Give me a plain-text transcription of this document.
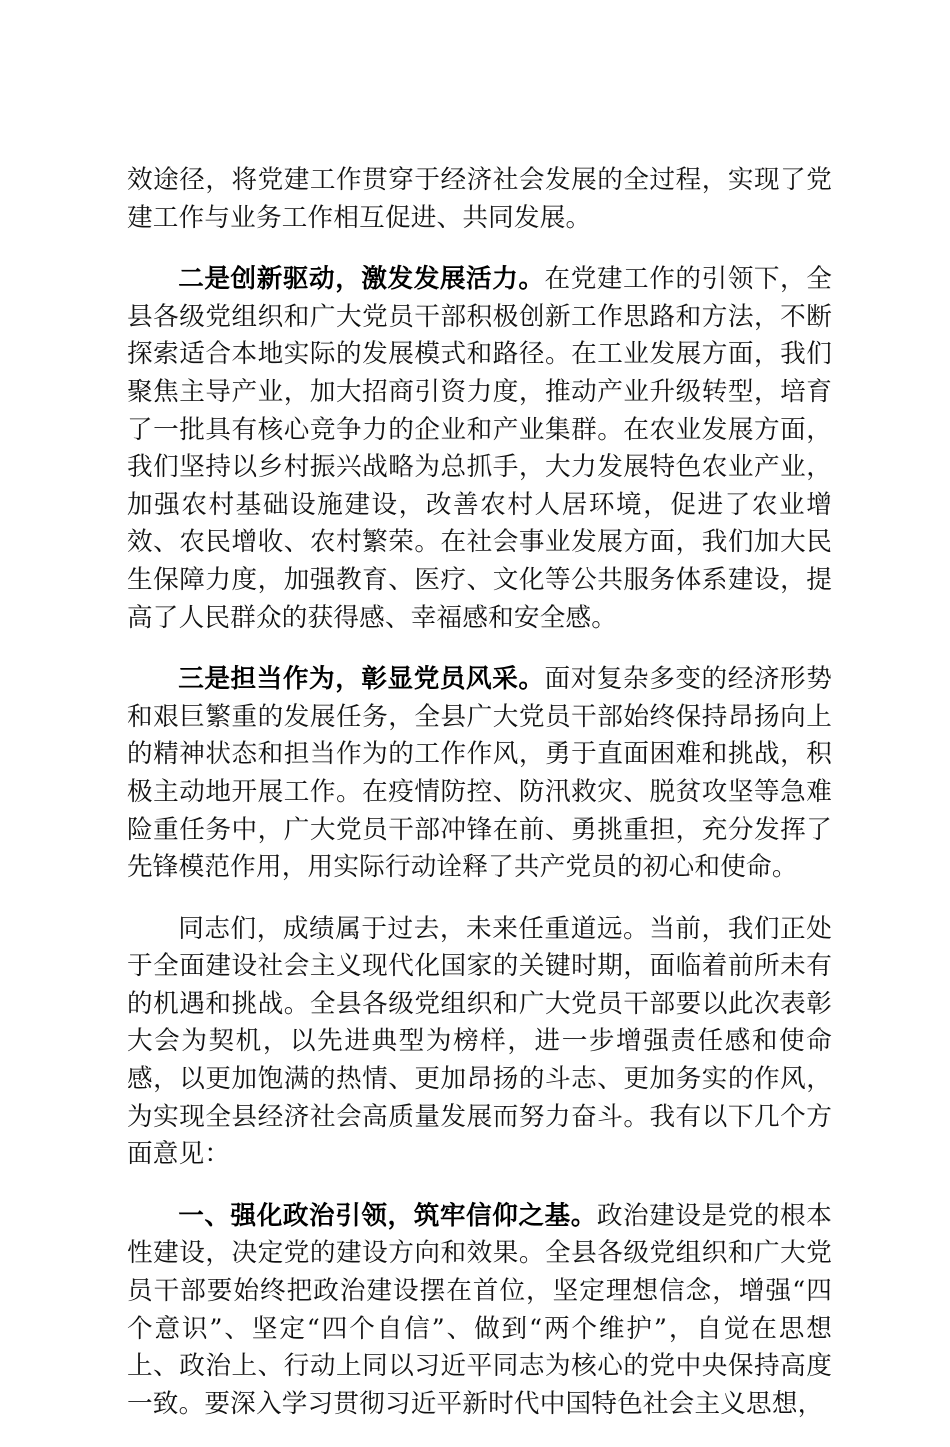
效途径，将党建工作贯穿于经济社会发展的全过程，实现了党建工作与业务工作相互促进、共同发展。

二是创新驱动，激发发展活力。在党建工作的引领下，全县各级党组织和广大党员干部积极创新工作思路和方法，不断探索适合本地实际的发展模式和路径。在工业发展方面，我们聚焦主导产业，加大招商引资力度，推动产业升级转型，培育了一批具有核心竞争力的企业和产业集群。在农业发展方面，我们坚持以乡村振兴战略为总抓手，大力发展特色农业产业，加强农村基础设施建设，改善农村人居环境，促进了农业增效、农民增收、农村繁荣。在社会事业发展方面，我们加大民生保障力度，加强教育、医疗、文化等公共服务体系建设，提高了人民群众的获得感、幸福感和安全感。

三是担当作为，彰显党员风采。面对复杂多变的经济形势和艰巨繁重的发展任务，全县广大党员干部始终保持昂扬向上的精神状态和担当作为的工作作风，勇于直面困难和挑战，积极主动地开展工作。在疫情防控、防汛救灾、脱贫攻坚等急难险重任务中，广大党员干部冲锋在前、勇挑重担，充分发挥了先锋模范作用，用实际行动诠释了共产党员的初心和使命。

同志们，成绩属于过去，未来任重道远。当前，我们正处于全面建设社会主义现代化国家的关键时期，面临着前所未有的机遇和挑战。全县各级党组织和广大党员干部要以此次表彰大会为契机，以先进典型为榜样，进一步增强责任感和使命感，以更加饱满的热情、更加昂扬的斗志、更加务实的作风，为实现全县经济社会高质量发展而努力奋斗。我有以下几个方面意见：

一、强化政治引领，筑牢信仰之基。政治建设是党的根本性建设，决定党的建设方向和效果。全县各级党组织和广大党员干部要始终把政治建设摆在首位，坚定理想信念，增强“四个意识”、坚定“四个自信”、做到“两个维护”，自觉在思想上、政治上、行动上同以习近平同志为核心的党中央保持高度一致。要深入学习贯彻习近平新时代中国特色社会主义思想，
